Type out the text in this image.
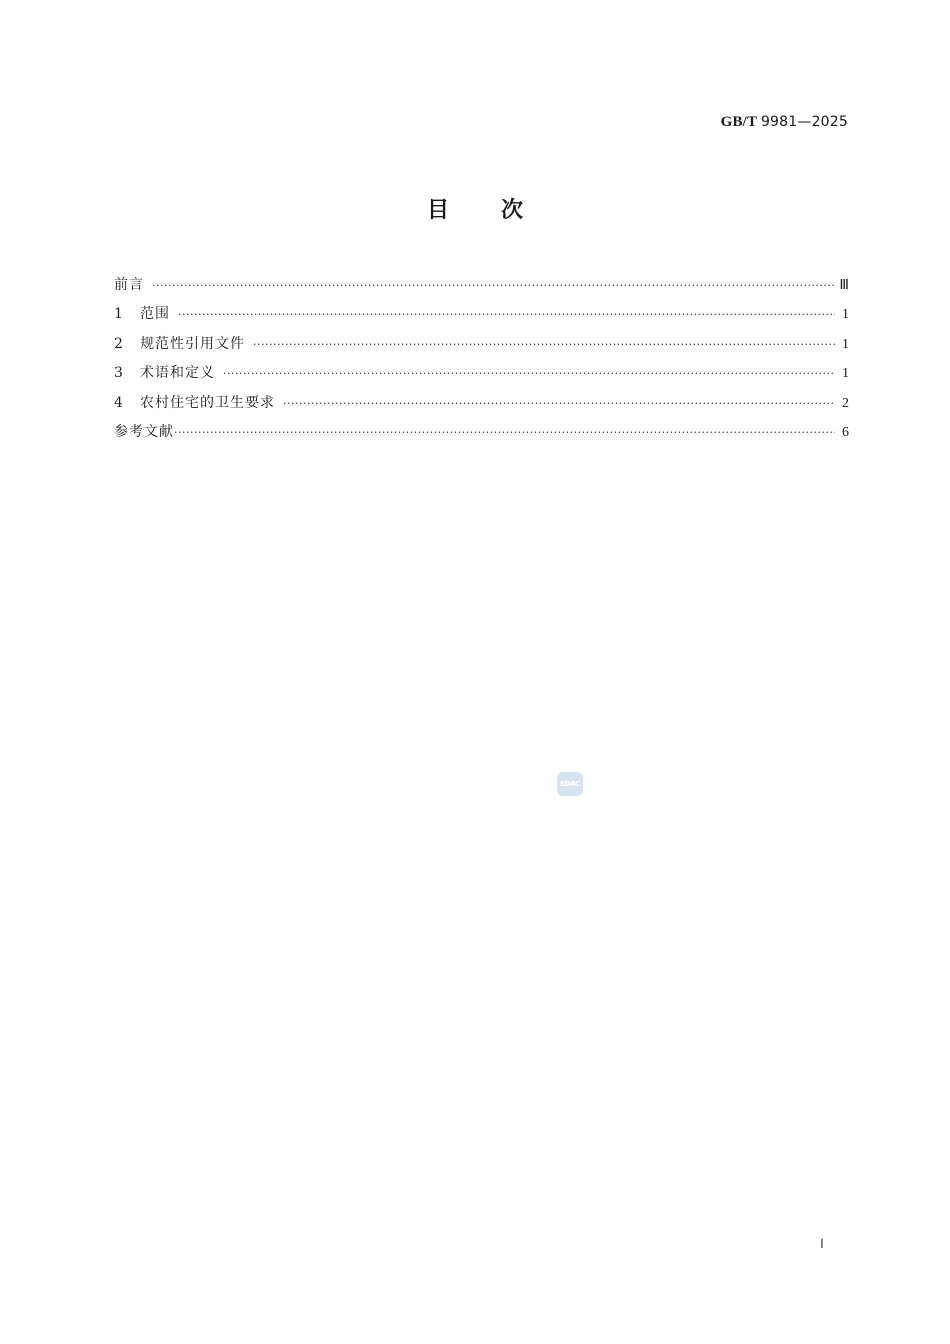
GB/T 9981—2025
目次
前言 ·····	Ⅲ
1	范围 ·····	1
2	规范性引用文件 ·····	1
3	术语和定义 ·····	1
4	农村住宅的卫生要求 ·····	2
参考文献 ·····	6
SDAC
Ⅰ
